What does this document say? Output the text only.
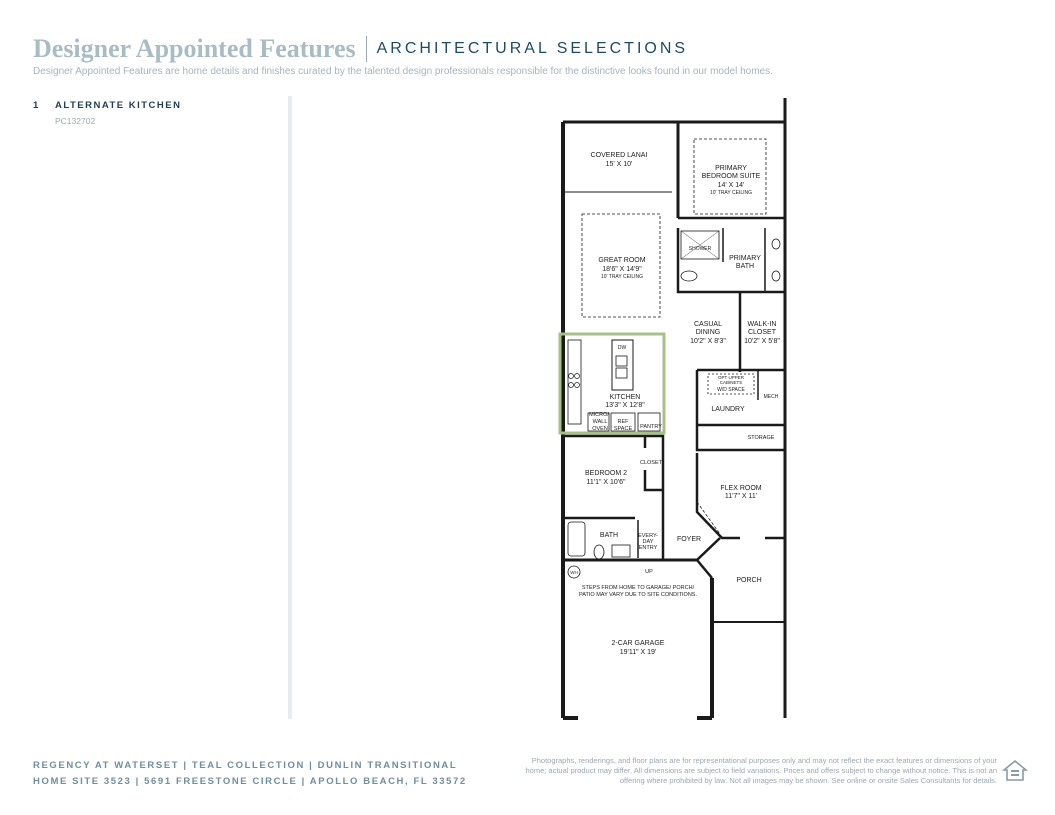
Designer Appointed Features ARCHITECTURAL SELECTIONS
Designer Appointed Features are home details and finishes curated by the talented design professionals responsible for the distinctive looks found in our model homes.
1 ALTERNATE KITCHEN
PC132702
COVERED LANAI
15' X 10'
PRIMARY
BEDROOM SUITE
14' X 14'
10' TRAY CEILING
GREAT ROOM
18'6" X 14'9"
10' TRAY CEILING
SHOWER
PRIMARY
BATH
CASUAL
DINING
10'2" X 8'3"
WALK-IN
CLOSET
10'2" X 5'8"
DW
KITCHEN
13'3" X 12'8"
MICRO/
WALL
OVEN
REF
SPACE PANTRY
OPT UPPER
CABINETS
W/D SPACE
MECH
LAUNDRY
STORAGE
BEDROOM 2
11'1" X 10'6"
CLOSET
FLEX ROOM
11'7" X 11'
BATH	EVERY-
DAY
ENTRY
FOYER
WH	UP
PORCH
STEPS FROM HOME TO GARAGE/ PORCH/
PATIO MAY VARY DUE TO SITE CONDITIONS.
2-CAR GARAGE
19'11" X 19'
REGENCY AT WATERSET | TEAL COLLECTION | DUNLIN TRANSITIONAL
HOME SITE 3523 | 5691 FREESTONE CIRCLE | APOLLO BEACH, FL 33572
Photographs, renderings, and floor plans are for representational purposes only and may not reflect the exact features or dimensions of your home; actual product may differ. All dimensions are subject to field variations. Prices and offers subject to change without notice. This is not an offering where prohibited by law. Not all images may be shown. See online or onsite Sales Consultants for details.
